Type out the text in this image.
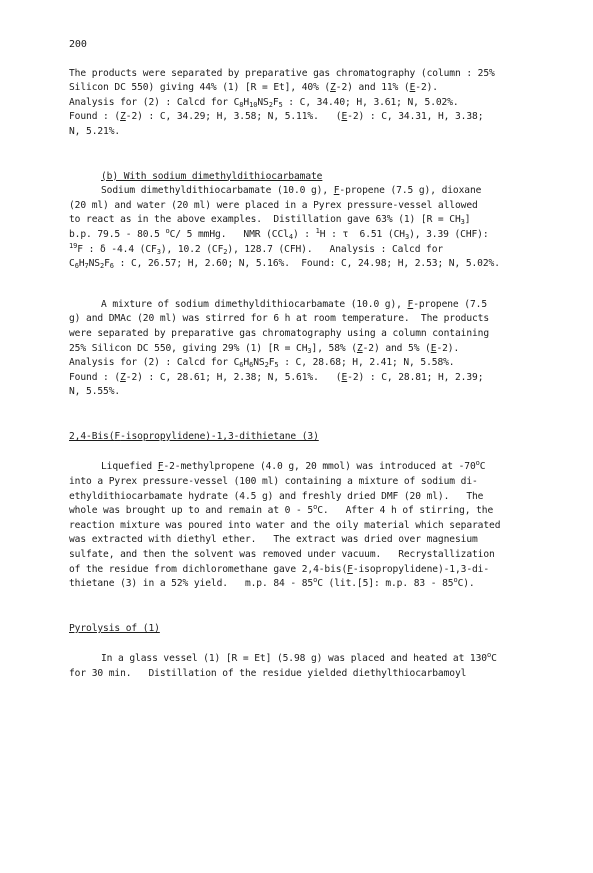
200

The products were separated by preparative gas chromatography (column : 25%

Silicon DC 550) giving 44% (1) [R = Et], 40% (Z-2) and 11% (E-2).

Analysis for (2) : Calcd for $C_8H_{10}NS_2F_5$ : C, 34.40; H, 3.61; N, 5.02%.

Found : (Z-2) : C, 34.29; H, 3.58; N, 5.11%.   (E-2) : C, 34.31, H, 3.38;

N, 5.21%.

(b) With sodium dimethyldithiocarbamate

Sodium dimethyldithiocarbamate (10.0 g), F-propene (7.5 g), dioxane

(20 ml) and water (20 ml) were placed in a Pyrex pressure-vessel allowed

to react as in the above examples.  Distillation gave 63% (1) $[R = CH_3]$

b.p. 79.5 - 80.5 $^o$C/ 5 mmHg.   NMR (CCl$_4$) : $^1$H : τ  6.51 $(CH_3)$, 3.39 (CHF):

$^{19}$F : δ -4.4 $(CF_3)$, 10.2 $(CF_2)$, 128.7 (CFH).   Analysis : Calcd for

$C_6H_7NS_2F_6$ : C, 26.57; H, 2.60; N, 5.16%.  Found: C, 24.98; H, 2.53; N, 5.02%.

A mixture of sodium dimethyldithiocarbamate (10.0 g), F-propene (7.5

g) and DMAc (20 ml) was stirred for 6 h at room temperature.  The products

were separated by preparative gas chromatography using a column containing

25% Silicon DC 550, giving 29% (1) $[R = CH_3]$, 58% (Z-2) and 5% (E-2).

Analysis for (2) : Calcd for $C_6H_6NS_2F_5$ : C, 28.68; H, 2.41; N, 5.58%.

Found : (Z-2) : C, 28.61; H, 2.38; N, 5.61%.   (E-2) : C, 28.81; H, 2.39;

N, 5.55%.

2,4-Bis(F-isopropylidene)-1,3-dithietane (3)

Liquefied F-2-methylpropene (4.0 g, 20 mmol) was introduced at -70$^o$C

into a Pyrex pressure-vessel (100 ml) containing a mixture of sodium di-

ethyldithiocarbamate hydrate (4.5 g) and freshly dried DMF (20 ml).   The

whole was brought up to and remain at 0 - 5$^o$C.   After 4 h of stirring, the

reaction mixture was poured into water and the oily material which separated

was extracted with diethyl ether.   The extract was dried over magnesium

sulfate, and then the solvent was removed under vacuum.   Recrystallization

of the residue from dichloromethane gave 2,4-bis(F-isopropylidene)-1,3-di-

thietane (3) in a 52% yield.   m.p. 84 - 85$^o$C (lit.[5]: m.p. 83 - 85$^o$C).

Pyrolysis of (1)

In a glass vessel (1) [R = Et] (5.98 g) was placed and heated at 130$^o$C

for 30 min.   Distillation of the residue yielded diethylthiocarbamoyl
